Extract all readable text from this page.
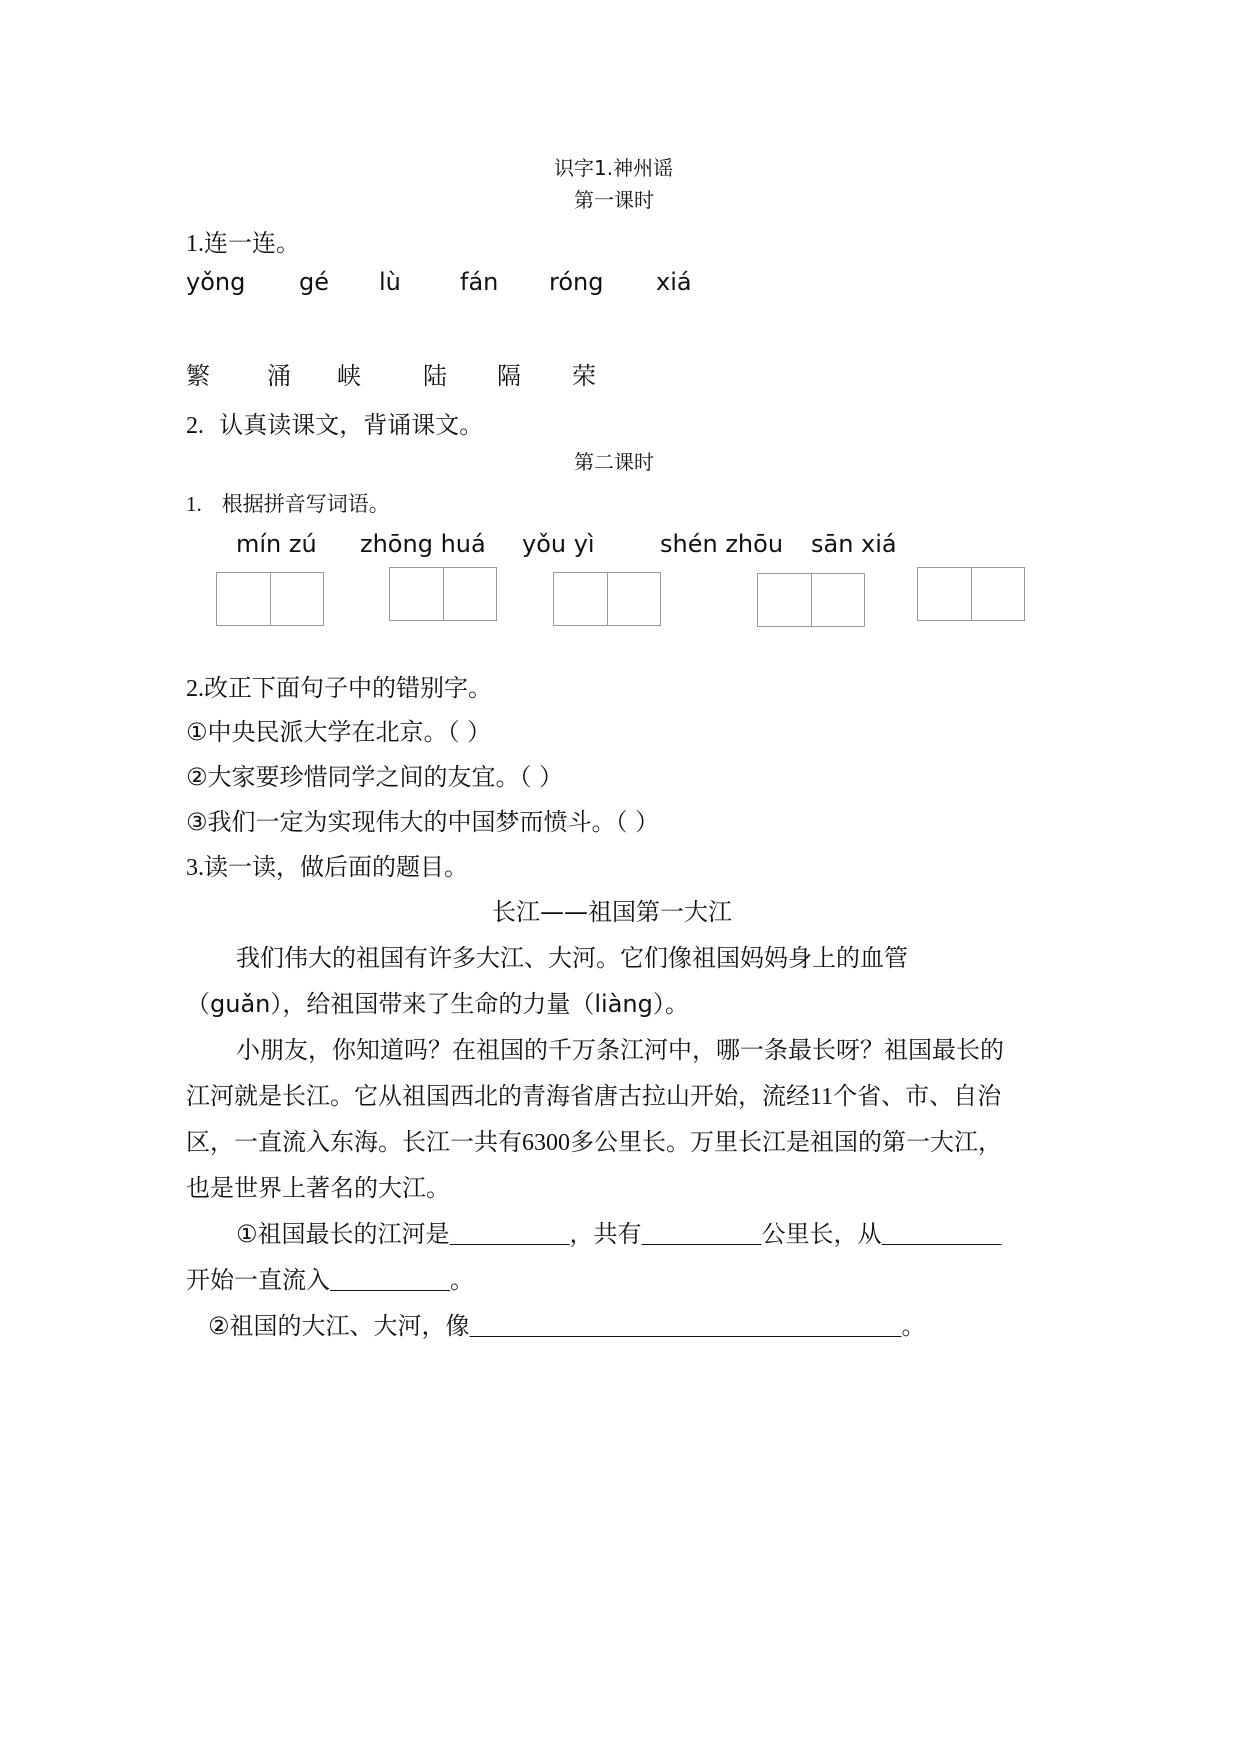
识字1.神州谣
第一课时
1.连一连。
yǒng gé lù fán róng xiá
繁 涌 峡	陆 隔 荣
2. 认真读课文，背诵课文。
第二课时
1. 根据拼音写词语。
mín zú zhōng huá yǒu yì	shén zhōu sān xiá
2.改正下面句子中的错别字。
①中央民派大学在北京。（ ）
②大家要珍惜同学之间的友宜。（ ）
③我们一定为实现伟大的中国梦而愤斗。（ ）
3.读一读，做后面的题目。
长江——祖国第一大江
我们伟大的祖国有许多大江、大河。它们像祖国妈妈身上的血管
（guǎn），给祖国带来了生命的力量（liàng）。
小朋友，你知道吗？在祖国的千万条江河中，哪一条最长呀？祖国最长的
江河就是长江。它从祖国西北的青海省唐古拉山开始，流经11个省、市、自治
区，一直流入东海。长江一共有6300多公里长。万里长江是祖国的第一大江，
也是世界上著名的大江。
①祖国最长的江河是＿＿＿＿＿，共有＿＿＿＿＿公里长，从＿＿＿＿＿
开始一直流入＿＿＿＿＿。
②祖国的大江、大河，像＿＿＿＿＿＿＿＿＿＿＿＿＿＿＿＿＿＿。
